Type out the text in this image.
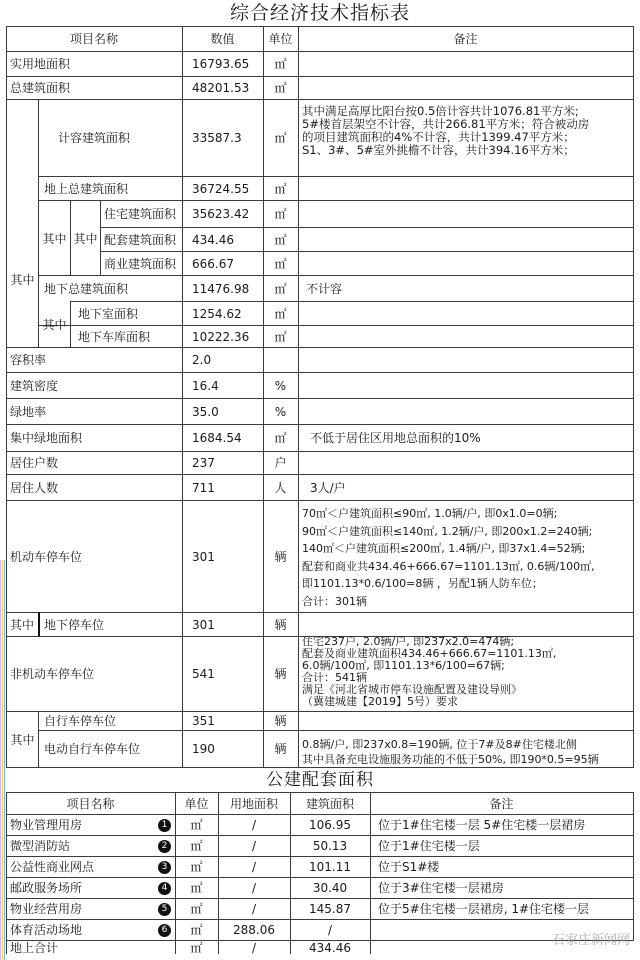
综合经济技术指标表
项目名称	数值	单位	备注
实用地面积	16793.65	㎡
总建筑面积	48201.53	㎡
其中
计容建筑面积	33587.3	㎡
其中满足高厚比阳台按0.5倍计容共计1076.81平方米;
5#楼首层架空不计容，共计266.81平方米；符合被动房
的项目建筑面积的4%不计容，共计1399.47平方米；
S1、3#、5#室外挑檐不计容，共计394.16平方米；
地上总建筑面积	36724.55	㎡
其中 其中
住宅建筑面积	35623.42	㎡
配套建筑面积	434.46	㎡
商业建筑面积	666.67	㎡
地下总建筑面积	11476.98	㎡	不计容
其中
地下室面积	1254.62	㎡
地下车库面积	10222.36	㎡
容积率	2.0
建筑密度	16.4	%
绿地率	35.0	%
集中绿地面积	1684.54	㎡	不低于居住区用地总面积的10%
居住户数	237	户
居住人数	711	人	3人/户
机动车停车位	301	辆
70㎡＜户建筑面积≤90㎡, 1.0辆/户, 即0x1.0=0辆;
90㎡＜户建筑面积≤140㎡, 1.2辆/户, 即200x1.2=240辆;
140㎡＜户建筑面积≤200㎡, 1.4辆/户, 即37x1.4=52辆;
配套和商业共434.46+666.67=1101.13㎡, 0.6辆/100㎡,
即1101.13*0.6/100=8辆 ，另配1辆人防车位；
合计：301辆
其中 地下停车位	301	辆
非机动车停车位	541	辆
住宅237户, 2.0辆/户, 即237x2.0=474辆;
配套及商业建筑面积434.46+666.67=1101.13㎡,
6.0辆/100㎡, 即1101.13*6/100=67辆;
合计：541辆
满足《河北省城市停车设施配置及建设导则》
（冀建城建【2019】5号）要求
其中
自行车停车位	351	辆
电动自行车停车位	190	辆	0.8辆/户, 即237x0.8=190辆, 位于7#及8#住宅楼北侧
其中具备充电设施服务功能的不低于50%, 即190*0.5=95辆
公建配套面积
项目名称	单位	用地面积	建筑面积	备注
物业管理用房	1	㎡	/	106.95	位于1#住宅楼一层 5#住宅楼一层裙房
微型消防站	2	㎡	/	50.13	位于1#住宅楼一层
公益性商业网点	3	㎡	/	101.11	位于S1#楼
邮政服务场所	4	㎡	/	30.40	位于3#住宅楼一层裙房
物业经营用房	5	㎡	/	145.87	位于5#住宅楼一层裙房, 1#住宅楼一层
体育活动场地	6	㎡	288.06	/
地上合计	㎡	/	434.46	石家庄新闻网
